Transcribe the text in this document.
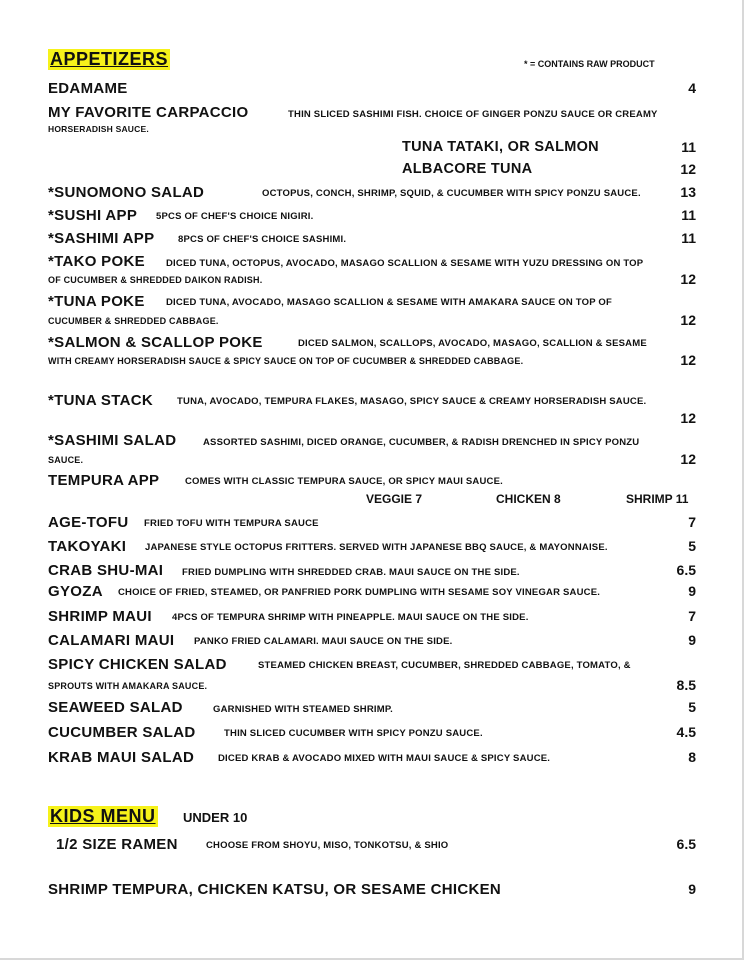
APPETIZERS	* = CONTAINS RAW PRODUCT
EDAMAME	4
MY FAVORITE CARPACCIO	THIN SLICED SASHIMI FISH. CHOICE OF GINGER PONZU SAUCE OR CREAMY
HORSERADISH SAUCE.
TUNA TATAKI, OR SALMON	11
ALBACORE TUNA	12
*SUNOMONO SALAD	OCTOPUS, CONCH, SHRIMP, SQUID, & CUCUMBER WITH SPICY PONZU SAUCE.	13
*SUSHI APP 5PCS OF CHEF'S CHOICE NIGIRI.	11
*SASHIMI APP 8PCS OF CHEF'S CHOICE SASHIMI.	11
*TAKO POKE DICED TUNA, OCTOPUS, AVOCADO, MASAGO SCALLION & SESAME WITH YUZU DRESSING ON TOP
OF CUCUMBER & SHREDDED DAIKON RADISH.	12
*TUNA POKE DICED TUNA, AVOCADO, MASAGO SCALLION & SESAME WITH AMAKARA SAUCE ON TOP OF
CUCUMBER & SHREDDED CABBAGE.	12
*SALMON & SCALLOP POKE	DICED SALMON, SCALLOPS, AVOCADO, MASAGO, SCALLION & SESAME
WITH CREAMY HORSERADISH SAUCE & SPICY SAUCE ON TOP OF CUCUMBER & SHREDDED CABBAGE.	12
*TUNA STACK	TUNA, AVOCADO, TEMPURA FLAKES, MASAGO, SPICY SAUCE & CREAMY HORSERADISH SAUCE.
12
*SASHIMI SALAD	ASSORTED SASHIMI, DICED ORANGE, CUCUMBER, & RADISH DRENCHED IN SPICY PONZU
SAUCE.	12
TEMPURA APP	COMES WITH CLASSIC TEMPURA SAUCE, OR SPICY MAUI SAUCE.
VEGGIE 7	CHICKEN 8	SHRIMP 11
AGE-TOFU FRIED TOFU WITH TEMPURA SAUCE	7
TAKOYAKI JAPANESE STYLE OCTOPUS FRITTERS. SERVED WITH JAPANESE BBQ SAUCE, & MAYONNAISE.	5
CRAB SHU-MAI FRIED DUMPLING WITH SHREDDED CRAB. MAUI SAUCE ON THE SIDE.	6.5
GYOZA CHOICE OF FRIED, STEAMED, OR PANFRIED PORK DUMPLING WITH SESAME SOY VINEGAR SAUCE.	9
SHRIMP MAUI 4PCS OF TEMPURA SHRIMP WITH PINEAPPLE. MAUI SAUCE ON THE SIDE.	7
CALAMARI MAUI PANKO FRIED CALAMARI. MAUI SAUCE ON THE SIDE.	9
SPICY CHICKEN SALAD	STEAMED CHICKEN BREAST, CUCUMBER, SHREDDED CABBAGE, TOMATO, &
SPROUTS WITH AMAKARA SAUCE.	8.5
SEAWEED SALAD	GARNISHED WITH STEAMED SHRIMP.	5
CUCUMBER SALAD	THIN SLICED CUCUMBER WITH SPICY PONZU SAUCE.	4.5
KRAB MAUI SALAD	DICED KRAB & AVOCADO MIXED WITH MAUI SAUCE & SPICY SAUCE.	8
KIDS MENU UNDER 10
1/2 SIZE RAMEN	CHOOSE FROM SHOYU, MISO, TONKOTSU, & SHIO	6.5
SHRIMP TEMPURA, CHICKEN KATSU, OR SESAME CHICKEN	9
